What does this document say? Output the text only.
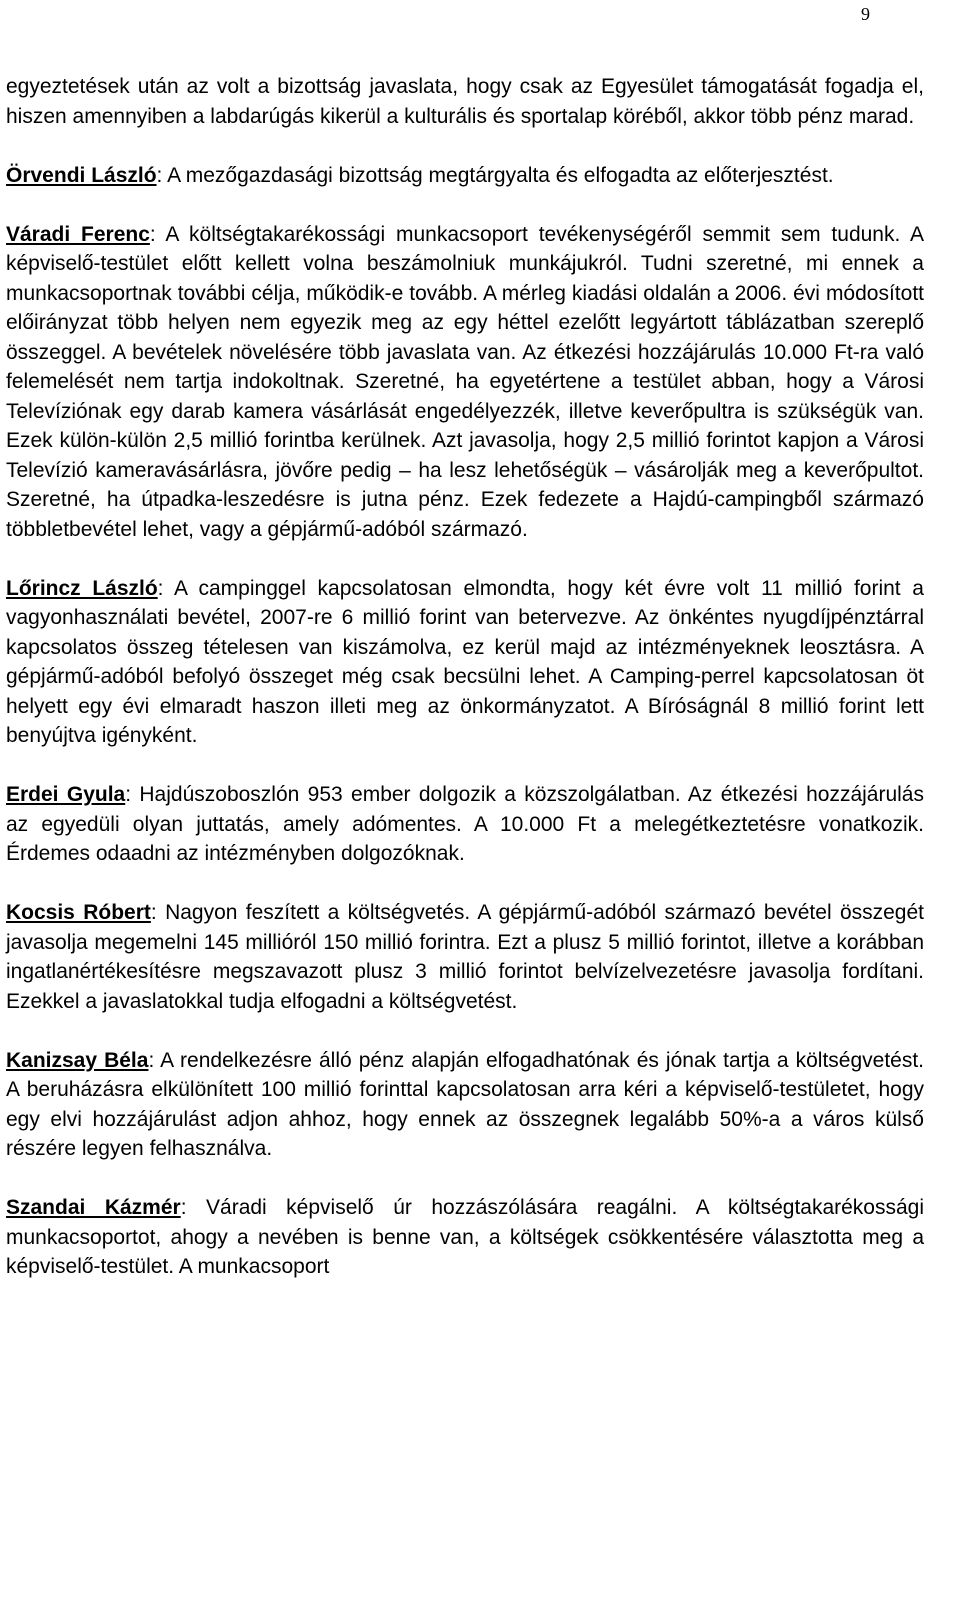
9

egyeztetések után az volt a bizottság javaslata, hogy csak az Egyesület támogatását fogadja el, hiszen amennyiben a labdarúgás kikerül a kulturális és sportalap köréből, akkor több pénz marad.

Örvendi László: A mezőgazdasági bizottság megtárgyalta és elfogadta az előterjesztést.

Váradi Ferenc: A költségtakarékossági munkacsoport tevékenységéről semmit sem tudunk. A képviselő-testület előtt kellett volna beszámolniuk munkájukról. Tudni szeretné, mi ennek a munkacsoportnak további célja, működik-e tovább. A mérleg kiadási oldalán a 2006. évi módosított előirányzat több helyen nem egyezik meg az egy héttel ezelőtt legyártott táblázatban szereplő összeggel. A bevételek növelésére több javaslata van. Az étkezési hozzájárulás 10.000 Ft-ra való felemelését nem tartja indokoltnak. Szeretné, ha egyetértene a testület abban, hogy a Városi Televíziónak egy darab kamera vásárlását engedélyezzék, illetve keverőpultra is szükségük van. Ezek külön-külön 2,5 millió forintba kerülnek. Azt javasolja, hogy 2,5 millió forintot kapjon a Városi Televízió kameravásárlásra, jövőre pedig – ha lesz lehetőségük – vásárolják meg a keverőpultot. Szeretné, ha útpadka-leszedésre is jutna pénz. Ezek fedezete a Hajdú-campingből származó többletbevétel lehet, vagy a gépjármű-adóból származó.

Lőrincz László: A campinggel kapcsolatosan elmondta, hogy két évre volt 11 millió forint a vagyonhasználati bevétel, 2007-re 6 millió forint van betervezve. Az önkéntes nyugdíjpénztárral kapcsolatos összeg tételesen van kiszámolva, ez kerül majd az intézményeknek leosztásra. A gépjármű-adóból befolyó összeget még csak becsülni lehet. A Camping-perrel kapcsolatosan öt helyett egy évi elmaradt haszon illeti meg az önkormányzatot. A Bíróságnál 8 millió forint lett benyújtva igényként.

Erdei Gyula: Hajdúszoboszlón 953 ember dolgozik a közszolgálatban. Az étkezési hozzájárulás az egyedüli olyan juttatás, amely adómentes. A 10.000 Ft a melegétkeztetésre vonatkozik. Érdemes odaadni az intézményben dolgozóknak.

Kocsis Róbert: Nagyon feszített a költségvetés. A gépjármű-adóból származó bevétel összegét javasolja megemelni 145 millióról 150 millió forintra. Ezt a plusz 5 millió forintot, illetve a korábban ingatlanértékesítésre megszavazott plusz 3 millió forintot belvízelvezetésre javasolja fordítani. Ezekkel a javaslatokkal tudja elfogadni a költségvetést.

Kanizsay Béla: A rendelkezésre álló pénz alapján elfogadhatónak és jónak tartja a költségvetést. A beruházásra elkülönített 100 millió forinttal kapcsolatosan arra kéri a képviselő-testületet, hogy egy elvi hozzájárulást adjon ahhoz, hogy ennek az összegnek legalább 50%-a a város külső részére legyen felhasználva.

Szandai Kázmér: Váradi képviselő úr hozzászólására reagálni. A költségtakarékossági munkacsoportot, ahogy a nevében is benne van, a költségek csökkentésére választotta meg a képviselő-testület. A munkacsoport
